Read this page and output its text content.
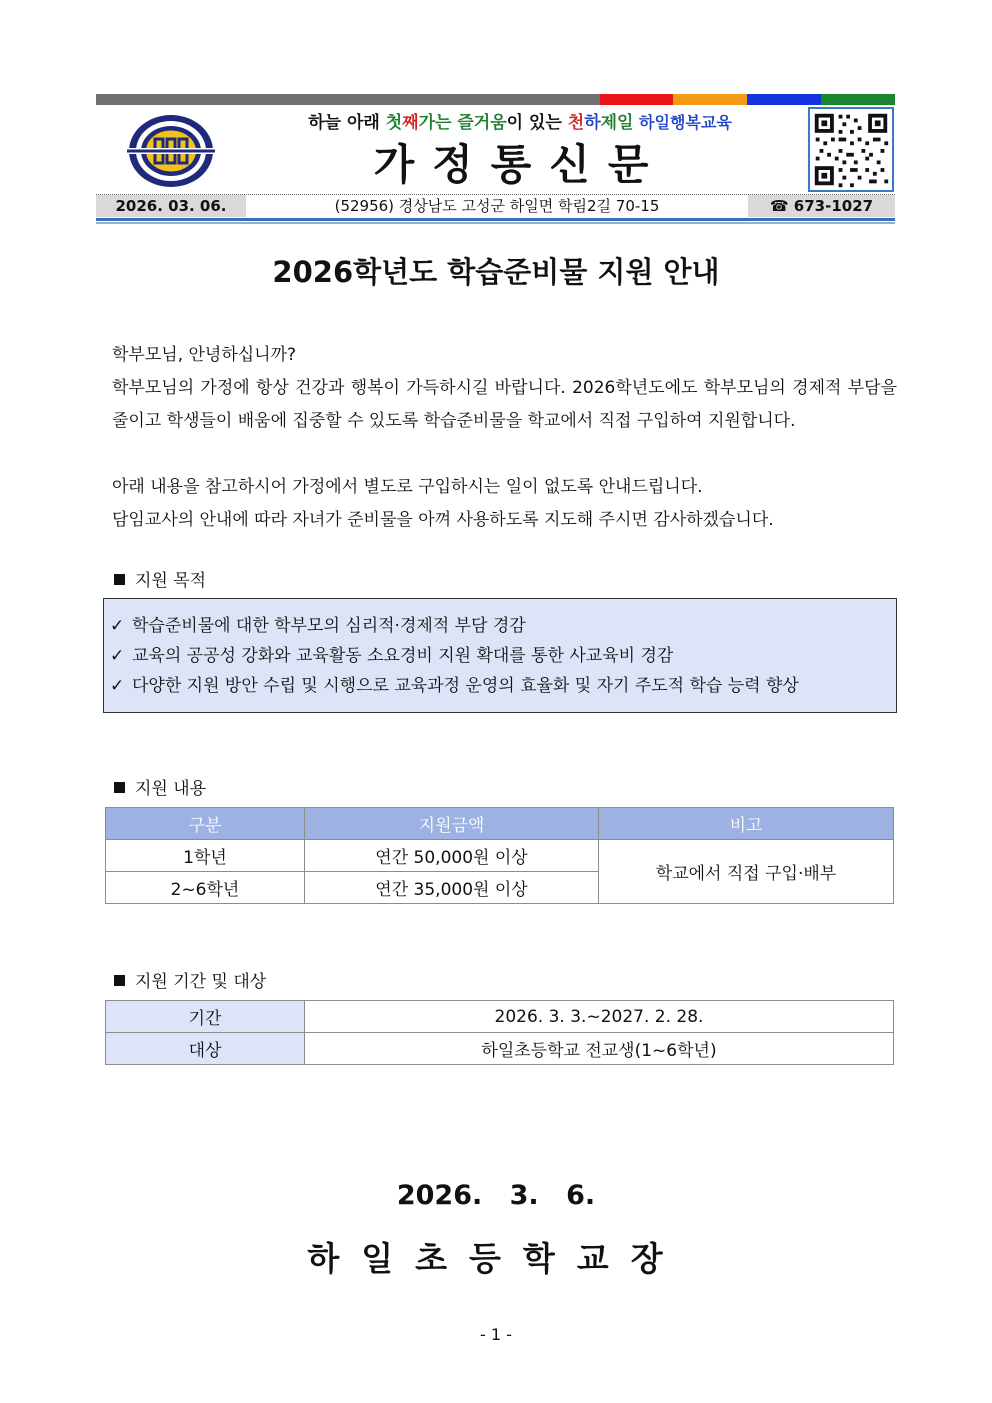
하늘 아래 첫째가는 즐거움이 있는 천하제일 하일행복교육
가정통신문
2026. 03. 06.	(52956) 경상남도 고성군 하일면 학림2길 70-15	☎ 673-1027
2026학년도 학습준비물 지원 안내
학부모님, 안녕하십니까?
학부모님의 가정에 항상 건강과 행복이 가득하시길 바랍니다. 2026학년도에도 학부모님의 경제적 부담을 줄이고 학생들이 배움에 집중할 수 있도록 학습준비물을 학교에서 직접 구입하여 지원합니다.
아래 내용을 참고하시어 가정에서 별도로 구입하시는 일이 없도록 안내드립니다.
담임교사의 안내에 따라 자녀가 준비물을 아껴 사용하도록 지도해 주시면 감사하겠습니다.
지원 목적
✓ 학습준비물에 대한 학부모의 심리적·경제적 부담 경감
✓ 교육의 공공성 강화와 교육활동 소요경비 지원 확대를 통한 사교육비 경감
✓ 다양한 지원 방안 수립 및 시행으로 교육과정 운영의 효율화 및 자기 주도적 학습 능력 향상
지원 내용
구분	지원금액	비고
1학년	연간 50,000원 이상	학교에서 직접 구입·배부
2~6학년	연간 35,000원 이상	
지원 기간 및 대상
기간	2026. 3. 3.~2027. 2. 28.
대상	하일초등학교 전교생(1~6학년)
2026. 3. 6.
하일초등학교장
- 1 -
